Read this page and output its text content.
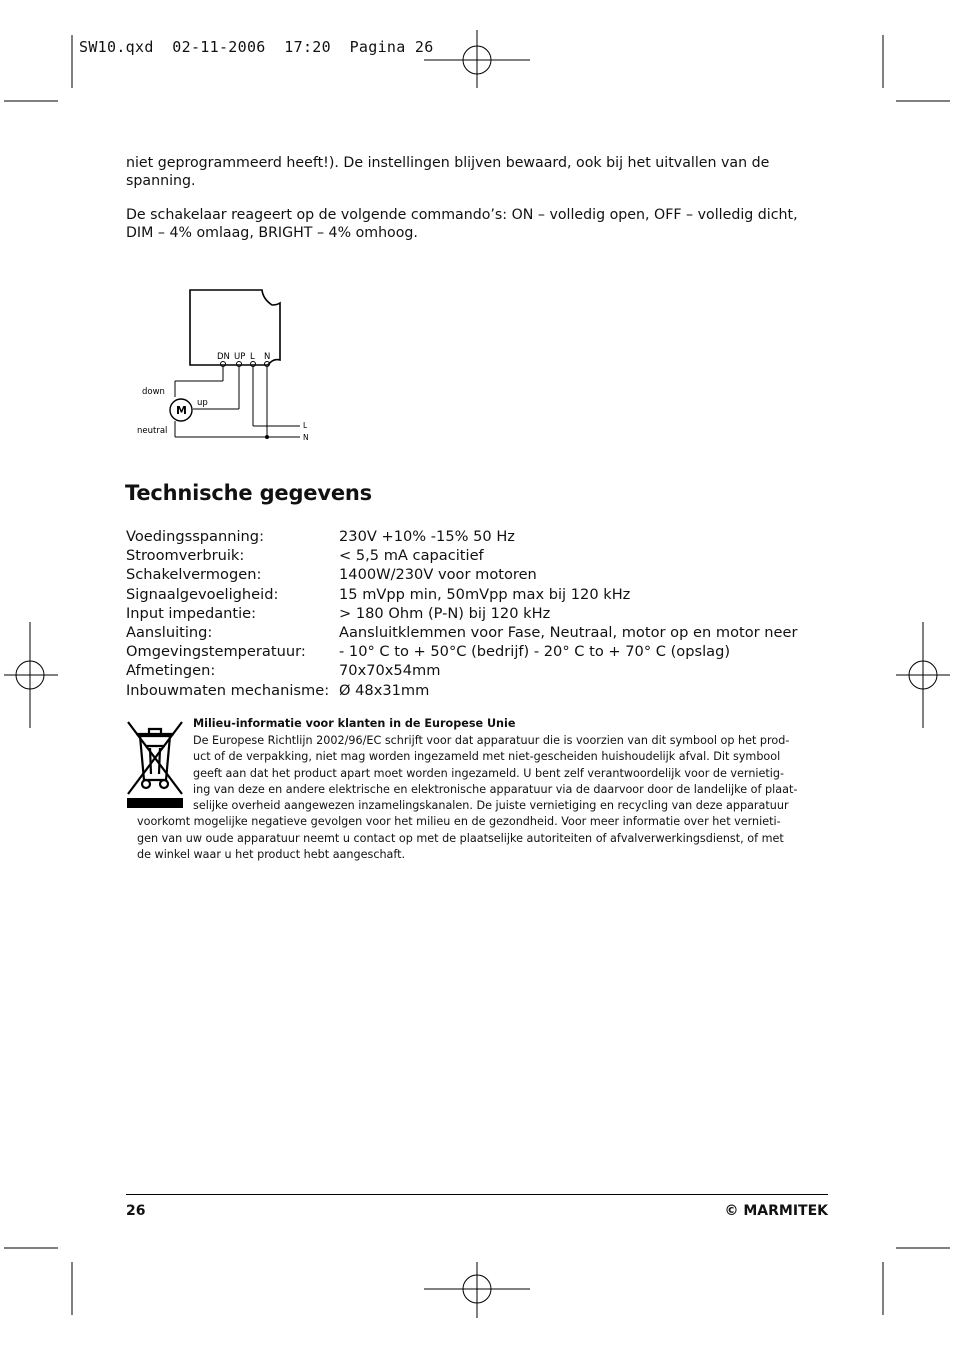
SW10.qxd  02-11-2006  17:20  Pagina 26
niet geprogrammeerd heeft!). De instellingen blijven bewaard, ook bij het uitvallen van de spanning.
De schakelaar reageert op de volgende commando’s: ON – volledig open, OFF – volledig dicht, DIM – 4% omlaag, BRIGHT – 4% omhoog.
DN UP L N
down
up
neutral
L
N
M
Technische gegevens
Voedingsspanning:	230V +10% -15% 50 Hz
Stroomverbruik:	< 5,5 mA capacitief
Schakelvermogen:	1400W/230V voor motoren
Signaalgevoeligheid:	15 mVpp min, 50mVpp max bij 120 kHz
Input impedantie:	> 180 Ohm (P-N) bij 120 kHz
Aansluiting:	Aansluitklemmen voor Fase, Neutraal, motor op en motor neer
Omgevingstemperatuur:	- 10° C to + 50°C (bedrijf) - 20° C to + 70° C (opslag)
Afmetingen:	70x70x54mm
Inbouwmaten mechanisme:	Ø 48x31mm
Milieu-informatie voor klanten in de Europese Unie
De Europese Richtlijn 2002/96/EC schrijft voor dat apparatuur die is voorzien van dit symbool op het prod-
uct of de verpakking, niet mag worden ingezameld met niet-gescheiden huishoudelijk afval. Dit symbool
geeft aan dat het product apart moet worden ingezameld. U bent zelf verantwoordelijk voor de vernietig-
ing van deze en andere elektrische en elektronische apparatuur via de daarvoor door de landelijke of plaat-
selijke overheid aangewezen inzamelingskanalen. De juiste vernietiging en recycling van deze apparatuur
voorkomt mogelijke negatieve gevolgen voor het milieu en de gezondheid. Voor meer informatie over het vernieti-
gen van uw oude apparatuur neemt u contact op met de plaatselijke autoriteiten of afvalverwerkingsdienst, of met
de winkel waar u het product hebt aangeschaft.
26	© MARMITEK
